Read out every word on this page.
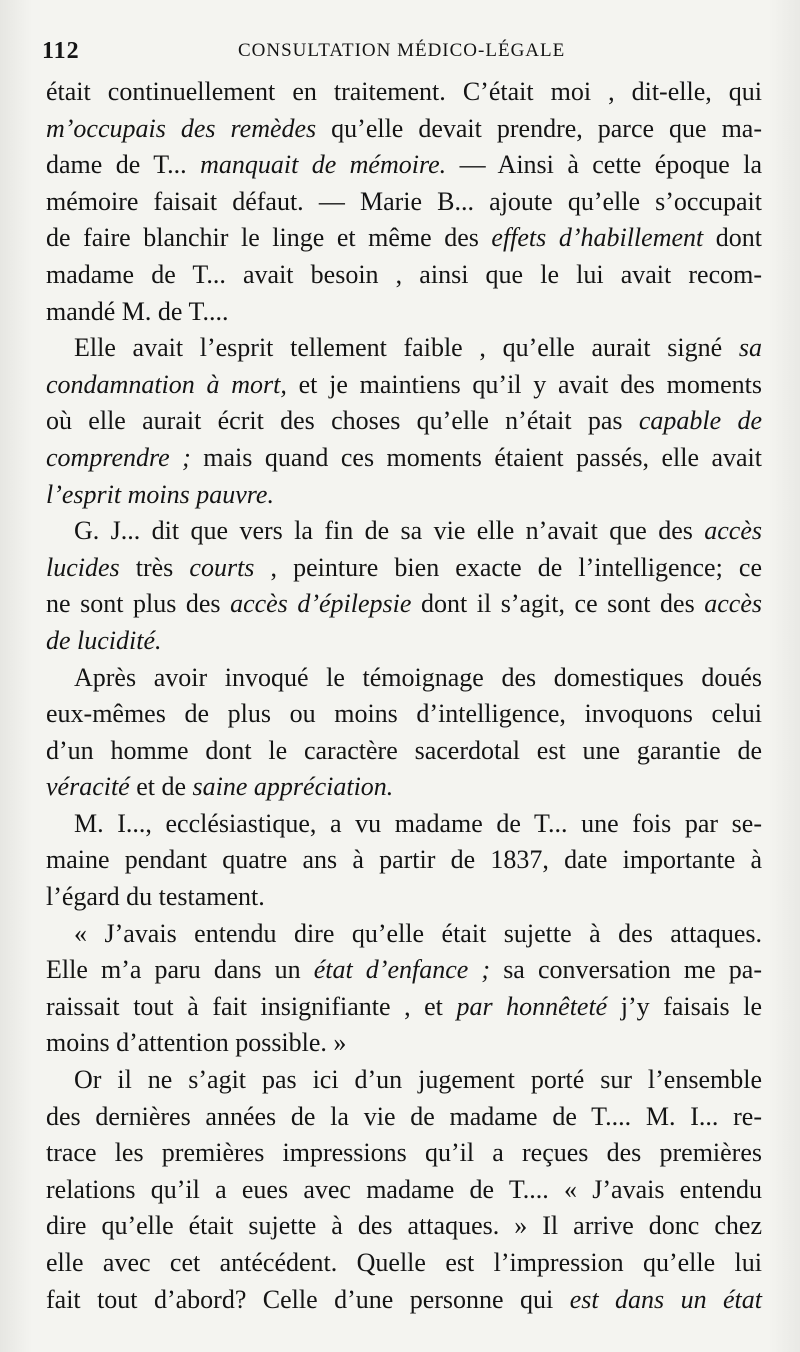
112	CONSULTATION MÉDICO-LÉGALE

était continuellement en traitement. C’était moi , dit-elle, qui

m’occupais des remèdes qu’elle devait prendre, parce que ma-

dame de T... manquait de mémoire. — Ainsi à cette époque la

mémoire faisait défaut. — Marie B... ajoute qu’elle s’occupait

de faire blanchir le linge et même des effets d’habillement dont

madame de T... avait besoin , ainsi que le lui avait recom-

mandé M. de T....

Elle avait l’esprit tellement faible , qu’elle aurait signé sa

condamnation à mort, et je maintiens qu’il y avait des moments

où elle aurait écrit des choses qu’elle n’était pas capable de

comprendre ; mais quand ces moments étaient passés, elle avait

l’esprit moins pauvre.

G. J... dit que vers la fin de sa vie elle n’avait que des accès

lucides très courts , peinture bien exacte de l’intelligence; ce

ne sont plus des accès d’épilepsie dont il s’agit, ce sont des accès

de lucidité.

Après avoir invoqué le témoignage des domestiques doués

eux-mêmes de plus ou moins d’intelligence, invoquons celui

d’un homme dont le caractère sacerdotal est une garantie de

véracité et de saine appréciation.

M. I..., ecclésiastique, a vu madame de T... une fois par se-

maine pendant quatre ans à partir de 1837, date importante à

l’égard du testament.

« J’avais entendu dire qu’elle était sujette à des attaques.

Elle m’a paru dans un état d’enfance ; sa conversation me pa-

raissait tout à fait insignifiante , et par honnêteté j’y faisais le

moins d’attention possible. »

Or il ne s’agit pas ici d’un jugement porté sur l’ensemble

des dernières années de la vie de madame de T.... M. I... re-

trace les premières impressions qu’il a reçues des premières

relations qu’il a eues avec madame de T.... « J’avais entendu

dire qu’elle était sujette à des attaques. » Il arrive donc chez

elle avec cet antécédent. Quelle est l’impression qu’elle lui

fait tout d’abord? Celle d’une personne qui est dans un état
